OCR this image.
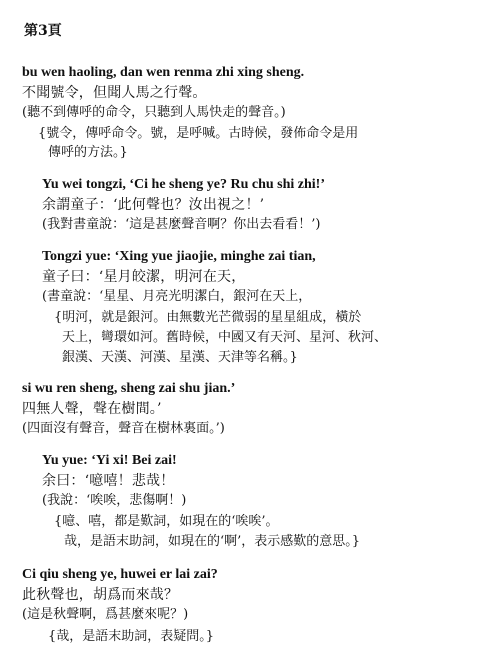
第3頁
bu wen haoling, dan wen renma zhi xing sheng.
不聞號令，但聞人馬之行聲。
(聽不到傳呼的命令，只聽到人馬快走的聲音。)
{號令，傳呼命令。號，是呼喊。古時候，發佈命令是用
傳呼的方法。}
Yu wei tongzi, ‘Ci he sheng ye? Ru chu shi zhi!’
余謂童子：‘此何聲也？汝出視之！’
(我對書童說：‘這是甚麼聲音啊？你出去看看！’)
Tongzi yue: ‘Xing yue jiaojie, minghe zai tian,
童子曰：‘星月皎潔，明河在天，
(書童說：‘星星、月亮光明潔白，銀河在天上，
{明河，就是銀河。由無數光芒微弱的星星組成，橫於
天上，彎環如河。舊時候，中國又有天河、星河、秋河、
銀漢、天漢、河漢、星漢、天津等名稱。}
si wu ren sheng, sheng zai shu jian.’
四無人聲，聲在樹間。’
(四面沒有聲音，聲音在樹林裏面。’)
Yu yue: ‘Yi xi! Bei zai!
余曰：‘噫嘻！悲哉！
(我說：‘唉唉，悲傷啊！)
{噫、嘻，都是歎詞，如現在的‘唉唉’。
哉，是語末助詞，如現在的‘啊’，表示感歎的意思。}
Ci qiu sheng ye, huwei er lai zai?
此秋聲也，胡爲而來哉？
(這是秋聲啊，爲甚麼來呢？)
{哉，是語末助詞，表疑問。}
